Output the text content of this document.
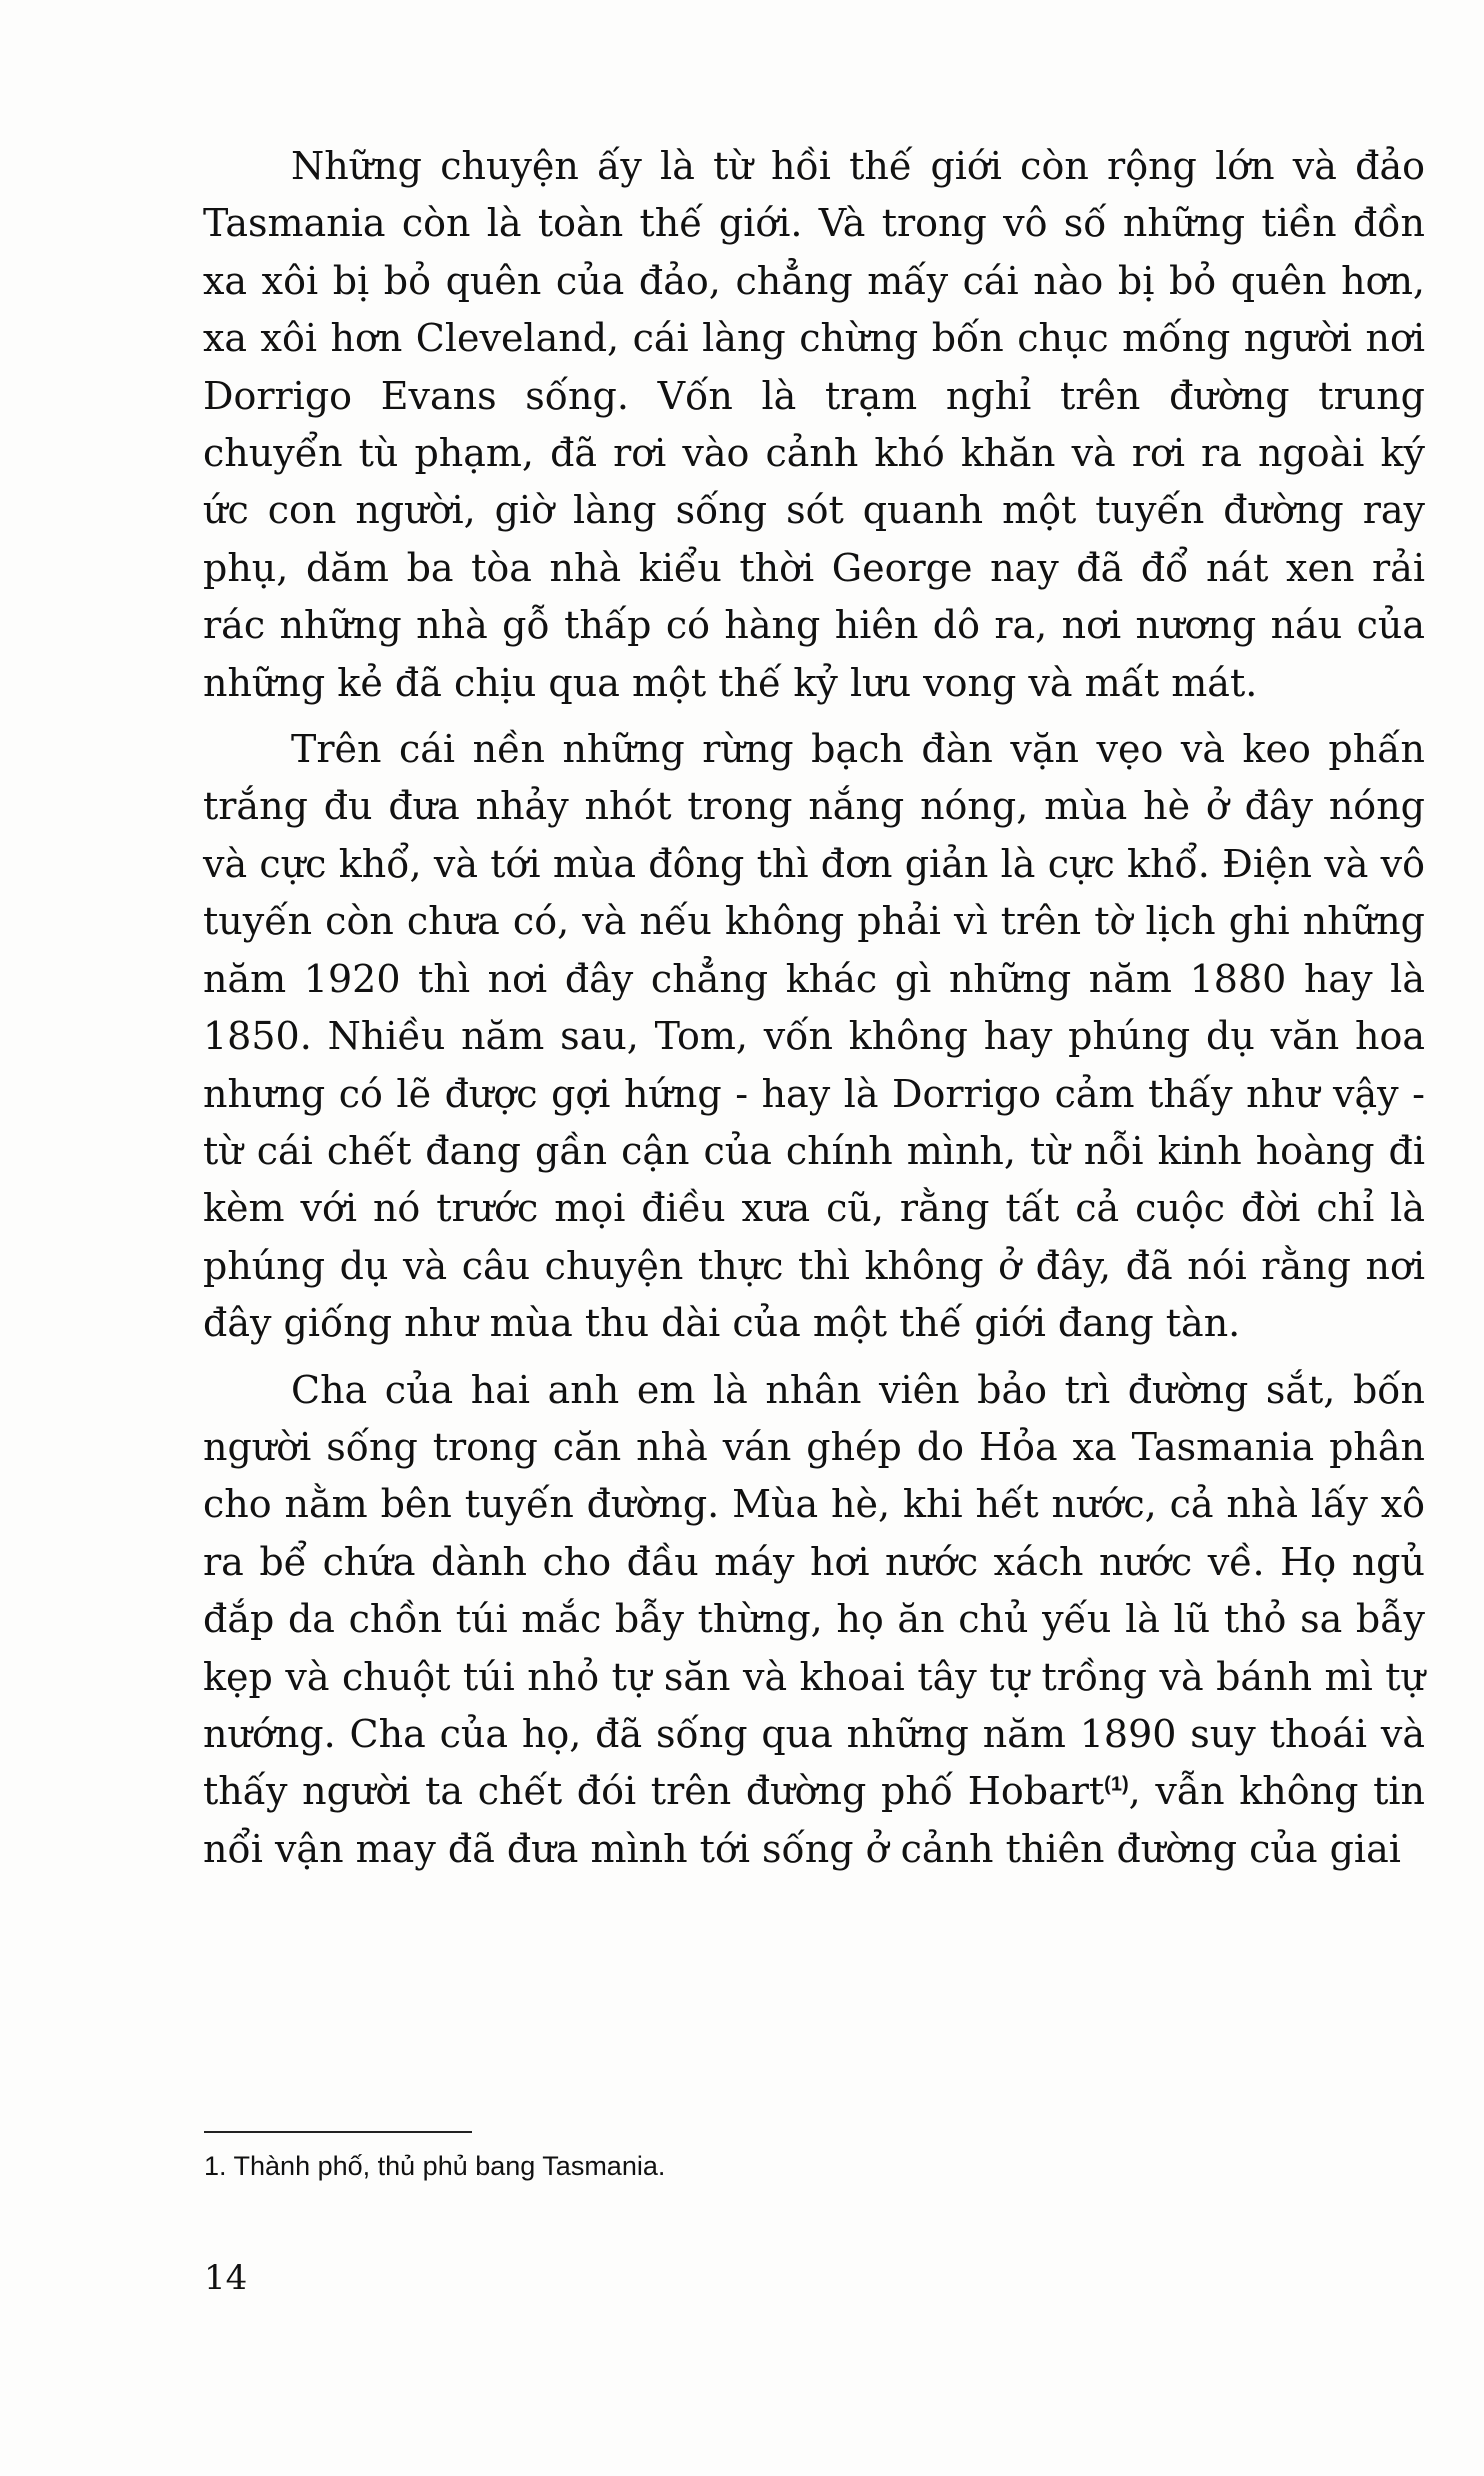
Những chuyện ấy là từ hồi thế giới còn rộng lớn và đảo Tasmania còn là toàn thế giới. Và trong vô số những tiền đồn xa xôi bị bỏ quên của đảo, chẳng mấy cái nào bị bỏ quên hơn, xa xôi hơn Cleveland, cái làng chừng bốn chục mống người nơi Dorrigo Evans sống. Vốn là trạm nghỉ trên đường trung chuyển tù phạm, đã rơi vào cảnh khó khăn và rơi ra ngoài ký ức con người, giờ làng sống sót quanh một tuyến đường ray phụ, dăm ba tòa nhà kiểu thời George nay đã đổ nát xen rải rác những nhà gỗ thấp có hàng hiên dô ra, nơi nương náu của những kẻ đã chịu qua một thế kỷ lưu vong và mất mát.

Trên cái nền những rừng bạch đàn vặn vẹo và keo phấn trắng đu đưa nhảy nhót trong nắng nóng, mùa hè ở đây nóng và cực khổ, và tới mùa đông thì đơn giản là cực khổ. Điện và vô tuyến còn chưa có, và nếu không phải vì trên tờ lịch ghi những năm 1920 thì nơi đây chẳng khác gì những năm 1880 hay là 1850. Nhiều năm sau, Tom, vốn không hay phúng dụ văn hoa nhưng có lẽ được gợi hứng - hay là Dorrigo cảm thấy như vậy - từ cái chết đang gần cận của chính mình, từ nỗi kinh hoàng đi kèm với nó trước mọi điều xưa cũ, rằng tất cả cuộc đời chỉ là phúng dụ và câu chuyện thực thì không ở đây, đã nói rằng nơi đây giống như mùa thu dài của một thế giới đang tàn.

Cha của hai anh em là nhân viên bảo trì đường sắt, bốn người sống trong căn nhà ván ghép do Hỏa xa Tasmania phân cho nằm bên tuyến đường. Mùa hè, khi hết nước, cả nhà lấy xô ra bể chứa dành cho đầu máy hơi nước xách nước về. Họ ngủ đắp da chồn túi mắc bẫy thừng, họ ăn chủ yếu là lũ thỏ sa bẫy kẹp và chuột túi nhỏ tự săn và khoai tây tự trồng và bánh mì tự nướng. Cha của họ, đã sống qua những năm 1890 suy thoái và thấy người ta chết đói trên đường phố Hobart$^{(1)}$, vẫn không tin nổi vận may đã đưa mình tới sống ở cảnh thiên đường của giai

1. Thành phố, thủ phủ bang Tasmania.
14
